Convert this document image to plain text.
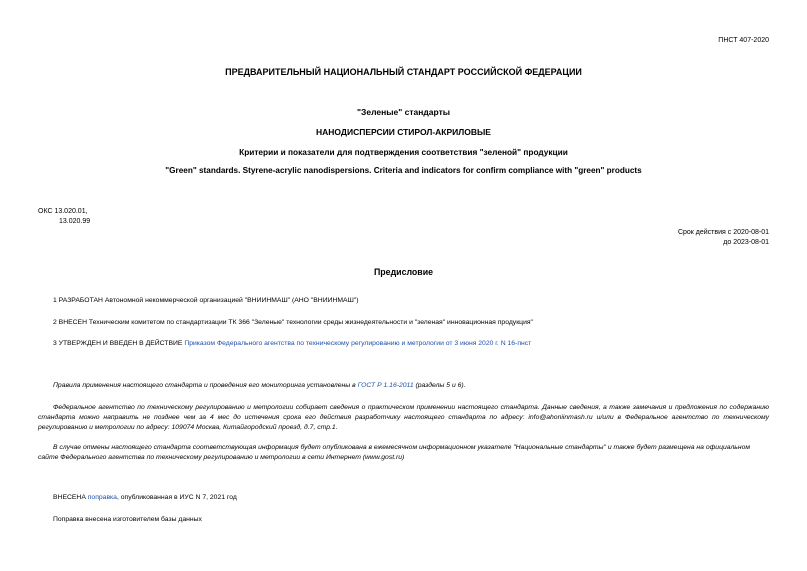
ПНСТ 407-2020
ПРЕДВАРИТЕЛЬНЫЙ НАЦИОНАЛЬНЫЙ СТАНДАРТ РОССИЙСКОЙ ФЕДЕРАЦИИ
"Зеленые" стандарты
НАНОДИСПЕРСИИ СТИРОЛ-АКРИЛОВЫЕ
Критерии и показатели для подтверждения соответствия "зеленой" продукции
"Green" standards. Styrene-acrylic nanodispersions. Criteria and indicators for confirm compliance with "green" products
ОКС 13.020.01,
13.020.99
Срок действия с 2020-08-01
до 2023-08-01
Предисловие
1 РАЗРАБОТАН Автономной некоммерческой организацией "ВНИИНМАШ" (АНО "ВНИИНМАШ")
2 ВНЕСЕН Техническим комитетом по стандартизации ТК 366 "Зеленые" технологии среды жизнедеятельности и "зеленая" инновационная продукция"
3 УТВЕРЖДЕН И ВВЕДЕН В ДЕЙСТВИЕ Приказом Федерального агентства по техническому регулированию и метрологии от 3 июня 2020 г. N 16-пнст
Правила применения настоящего стандарта и проведения его мониторинга установлены в ГОСТ Р 1.16-2011 (разделы 5 и 6).
Федеральное агентство по техническому регулированию и метрологии собирает сведения о практическом применении настоящего стандарта. Данные сведения, а также замечания и предложения по содержанию стандарта можно направить не позднее чем за 4 мес до истечения срока его действия разработчику настоящего стандарта по адресу: info@ahoniinmash.ru и/или в Федеральное агентство по техническому регулированию и метрологии по адресу: 109074 Москва, Китайгородский проезд, д.7, стр.1.
В случае отмены настоящего стандарта соответствующая информация будет опубликована в ежемесячном информационном указателе "Национальные стандарты" и также будет размещена на официальном сайте Федерального агентства по техническому регулированию и метрологии в сети Интернет (www.gost.ru)
ВНЕСЕНА поправка, опубликованная в ИУС N 7, 2021 год
Поправка внесена изготовителем базы данных
